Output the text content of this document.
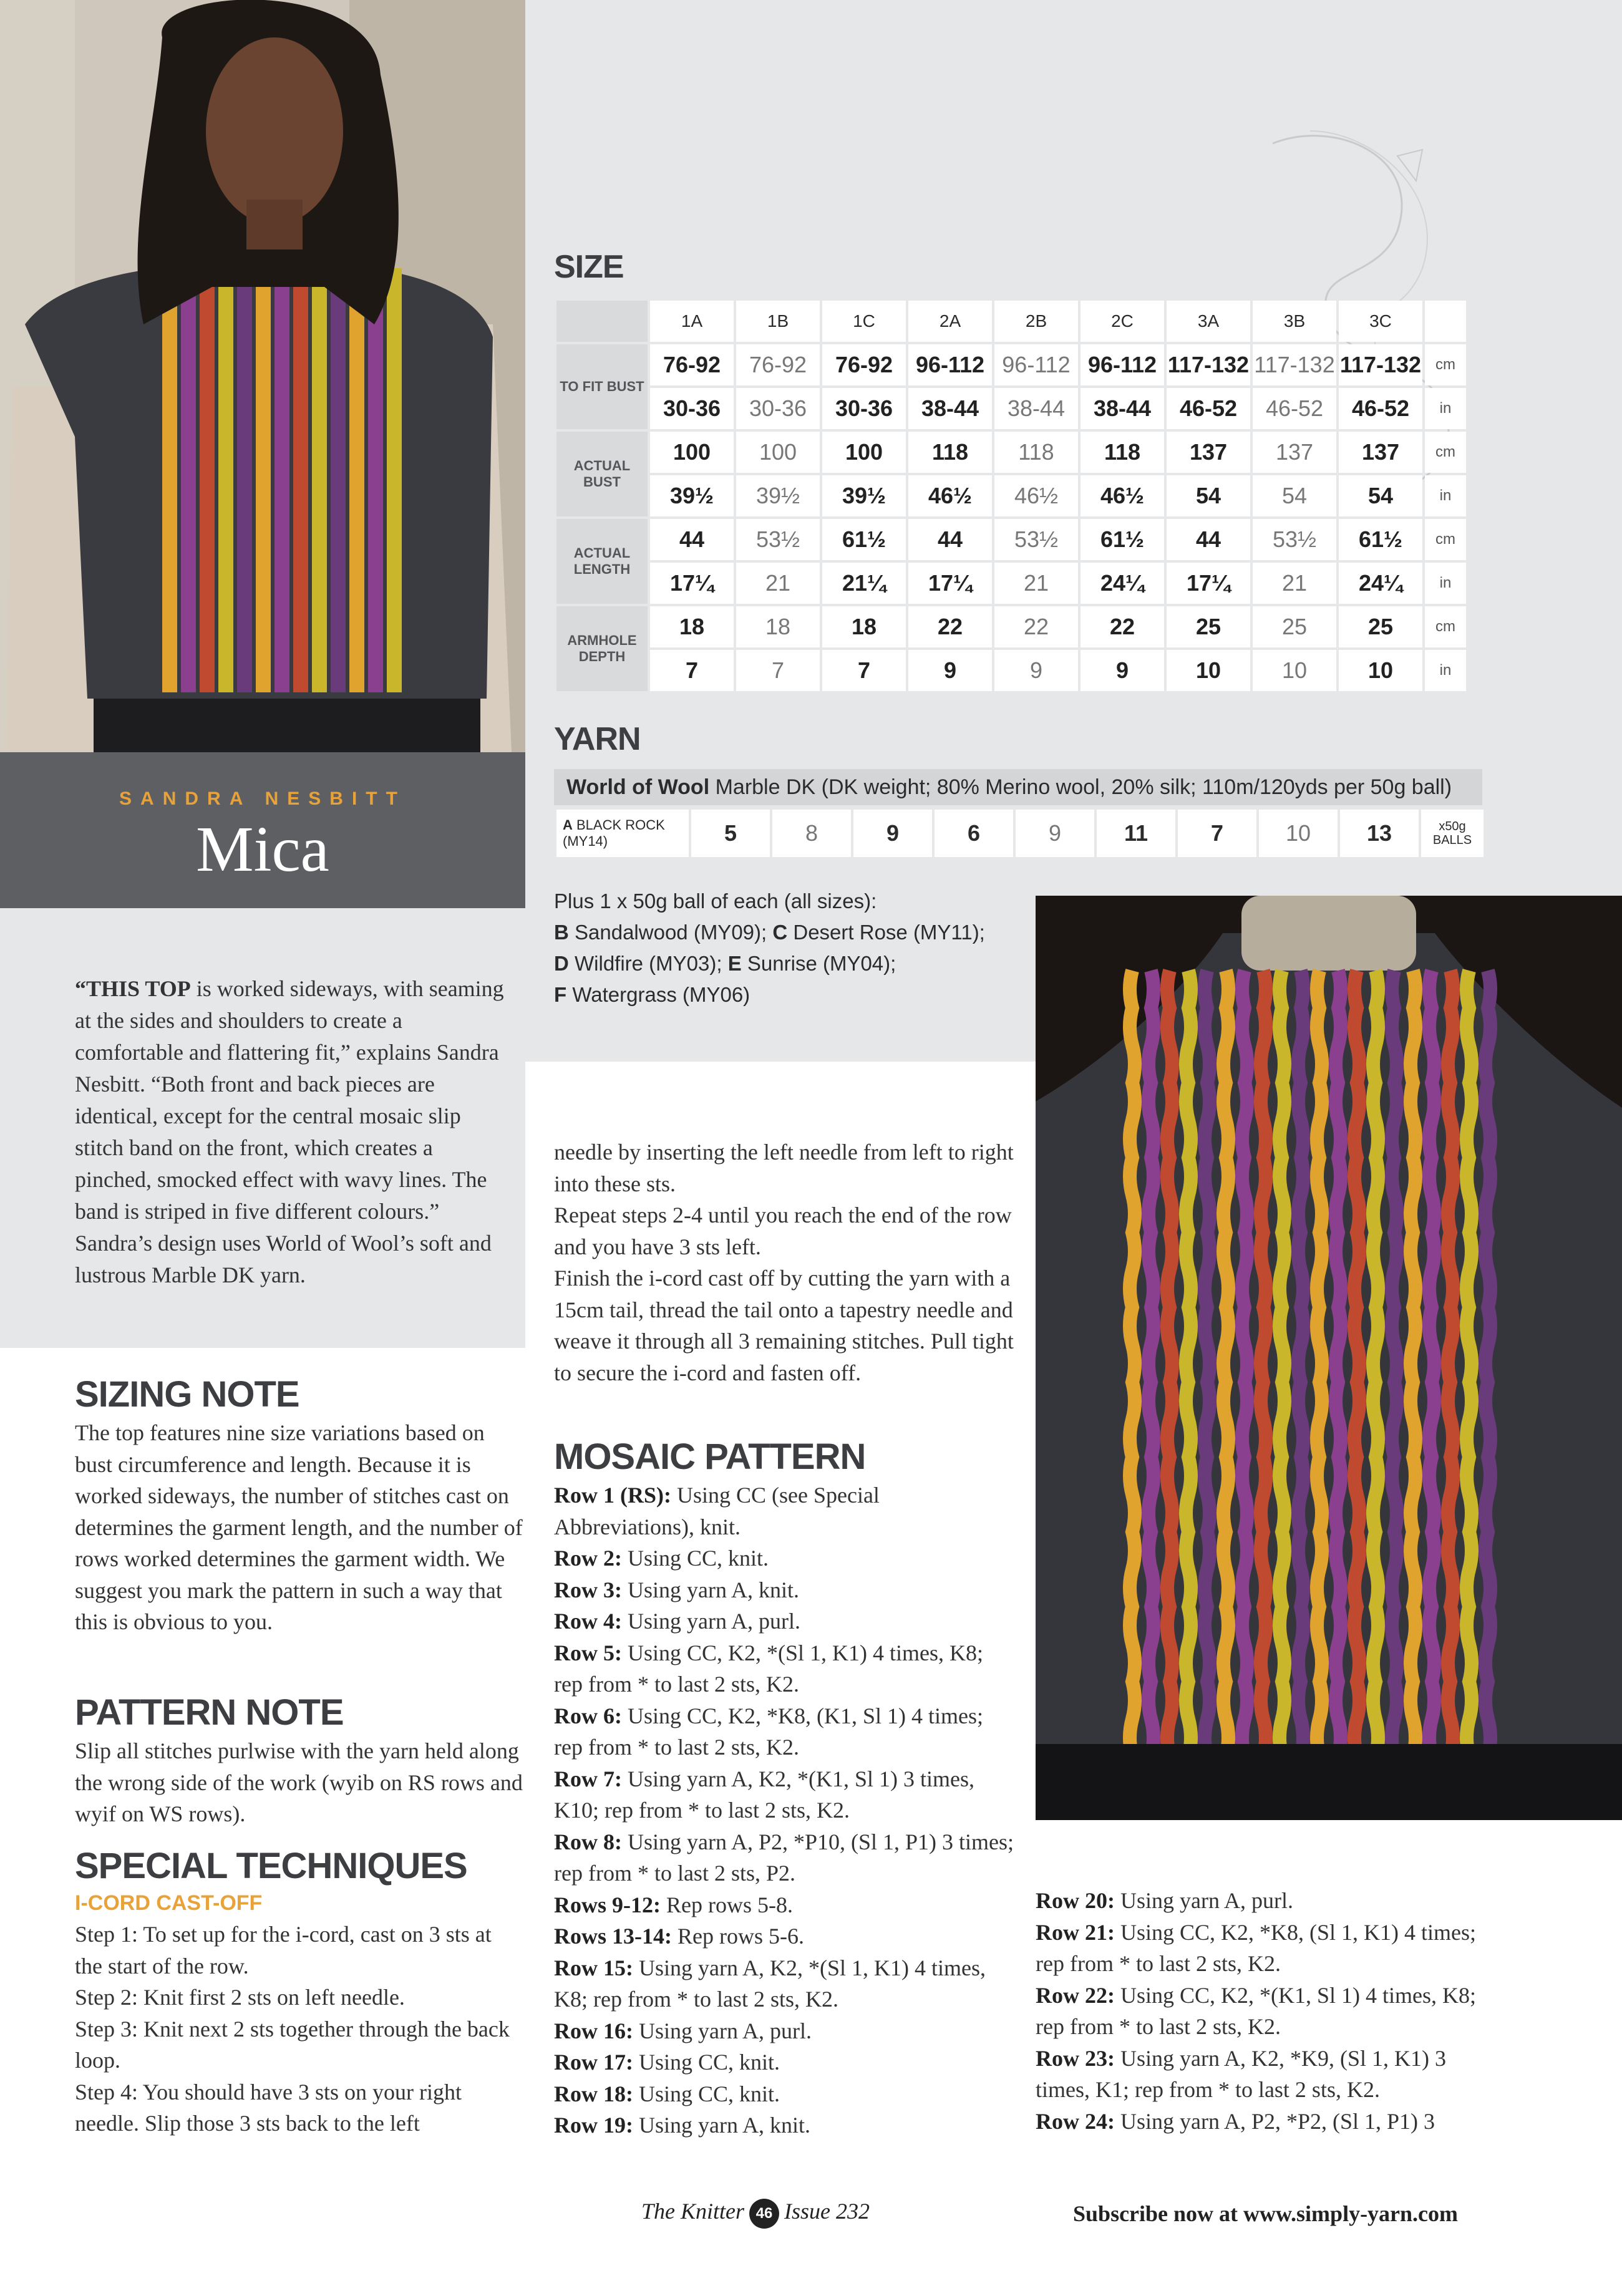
SANDRA NESBITT
Mica
“THIS TOP is worked sideways, with seaming at the sides and shoulders to create a comfortable and flattering fit,” explains Sandra Nesbitt. “Both front and back pieces are identical, except for the central mosaic slip stitch band on the front, which creates a pinched, smocked effect with wavy lines. The band is striped in five different colours.” Sandra’s design uses World of Wool’s soft and lustrous Marble DK yarn.
SIZING NOTE
The top features nine size variations based on bust circumference and length. Because it is worked sideways, the number of stitches cast on determines the garment length, and the number of rows worked determines the garment width. We suggest you mark the pattern in such a way that this is obvious to you.
PATTERN NOTE
Slip all stitches purlwise with the yarn held along the wrong side of the work (wyib on RS rows and wyif on WS rows).
SPECIAL TECHNIQUES
I-CORD CAST-OFF

Step 1: To set up for the i-cord, cast on 3 sts at the start of the row.

Step 2: Knit first 2 sts on left needle.

Step 3: Knit next 2 sts together through the back loop.

Step 4: You should have 3 sts on your right needle. Slip those 3 sts back to the left

needle by inserting the left needle from left to right into these sts.

Repeat steps 2-4 until you reach the end of the row and you have 3 sts left.

Finish the i-cord cast off by cutting the yarn with a 15cm tail, thread the tail onto a tapestry needle and weave it through all 3 remaining stitches. Pull tight to secure the i-cord and fasten off.

MOSAIC PATTERN

Row 1 (RS): Using CC (see Special Abbreviations), knit.

Row 2: Using CC, knit.

Row 3: Using yarn A, knit.

Row 4: Using yarn A, purl.

Row 5: Using CC, K2, *(Sl 1, K1) 4 times, K8; rep from * to last 2 sts, K2.

Row 6: Using CC, K2, *K8, (K1, Sl 1) 4 times; rep from * to last 2 sts, K2.

Row 7: Using yarn A, K2, *(K1, Sl 1) 3 times, K10; rep from * to last 2 sts, K2.

Row 8: Using yarn A, P2, *P10, (Sl 1, P1) 3 times; rep from * to last 2 sts, P2.

Rows 9-12: Rep rows 5-8.

Rows 13-14: Rep rows 5-6.

Row 15: Using yarn A, K2, *(Sl 1, K1) 4 times, K8; rep from * to last 2 sts, K2.

Row 16: Using yarn A, purl.

Row 17: Using CC, knit.

Row 18: Using CC, knit.

Row 19: Using yarn A, knit.

Row 20: Using yarn A, purl.

Row 21: Using CC, K2, *K8, (Sl 1, K1) 4 times; rep from * to last 2 sts, K2.

Row 22: Using CC, K2, *(K1, Sl 1) 4 times, K8; rep from * to last 2 sts, K2.

Row 23: Using yarn A, K2, *K9, (Sl 1, K1) 3 times, K1; rep from * to last 2 sts, K2.

Row 24: Using yarn A, P2, *P2, (Sl 1, P1) 3

SIZE
	1A	1B	1C	2A	2B	2C	3A	3B	3C	
TO FIT BUST	76-92	76-92	76-92	96-112	96-112	96-112	117-132	117-132	117-132	cm
	30-36	30-36	30-36	38-44	38-44	38-44	46-52	46-52	46-52	in
ACTUAL BUST	100	100	100	118	118	118	137	137	137	cm
	39½	39½	39½	46½	46½	46½	54	54	54	in
ACTUAL LENGTH	44	53½	61½	44	53½	61½	44	53½	61½	cm
	17¼	21	21¼	17¼	21	24¼	17¼	21	24¼	in
ARMHOLE DEPTH	18	18	18	22	22	22	25	25	25	cm
	7	7	7	9	9	9	10	10	10	in
YARN
World of Wool Marble DK (DK weight; 80% Merino wool, 20% silk; 110m/120yds per 50g ball)
A BLACK ROCK (MY14)	5	8	9	6	9	11	7	10	13	x50g BALLS
Plus 1 x 50g ball of each (all sizes):
B Sandalwood (MY09); C Desert Rose (MY11);
D Wildfire (MY03); E Sunrise (MY04);
F Watergrass (MY06)
The Knitter 46 Issue 232	Subscribe now at www.simply-yarn.com
